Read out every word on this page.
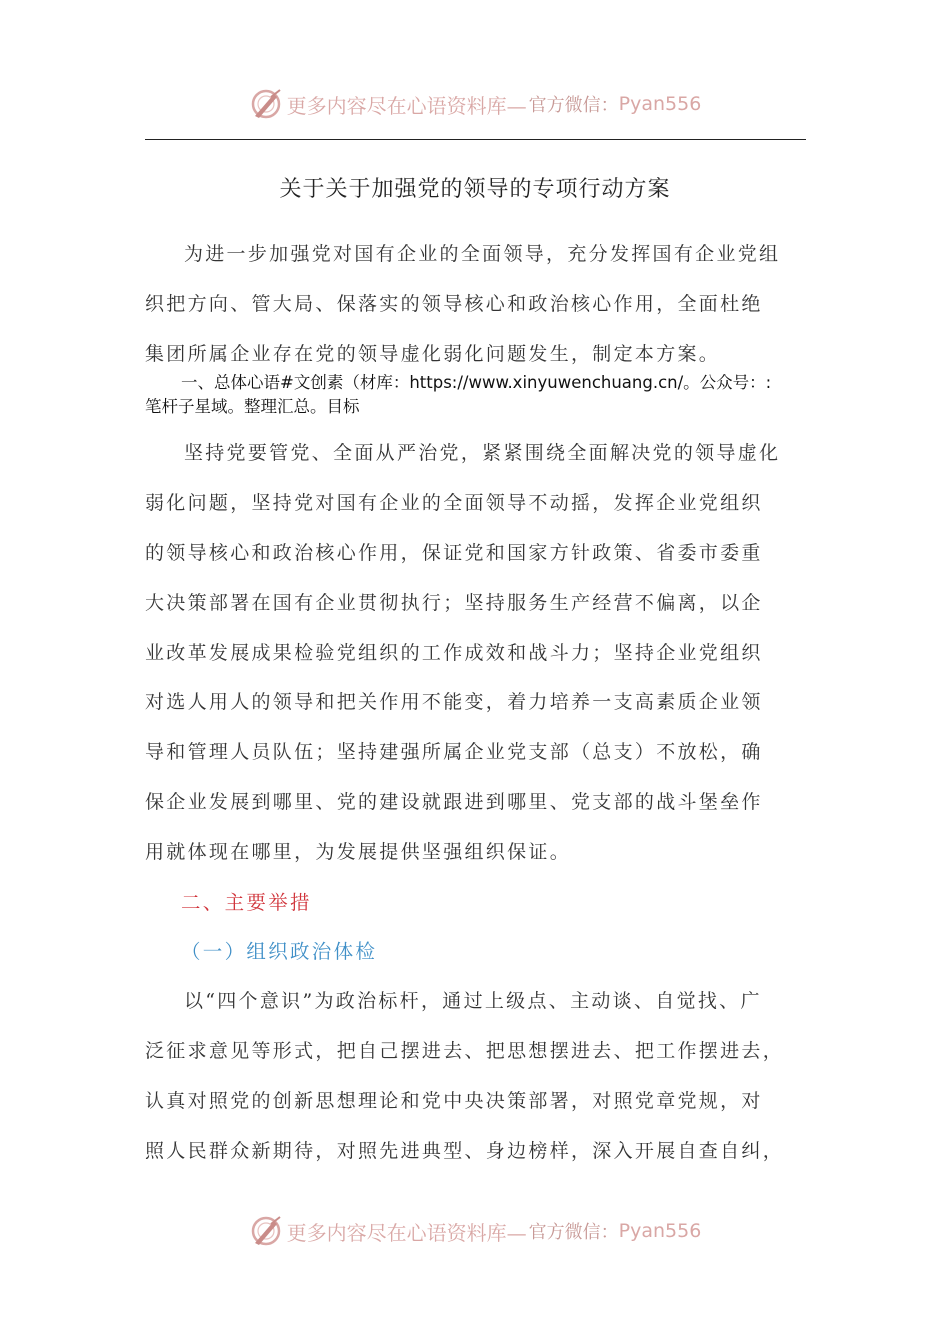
更多内容尽在心语资料库— 官方微信： Pyan556
关于关于加强党的领导的专项行动方案

为进一步加强党对国有企业的全面领导，充分发挥国有企业党组
织把方向、管大局、保落实的领导核心和政治核心作用，全面杜绝
集团所属企业存在党的领导虚化弱化问题发生，制定本方案。

一、总体心语#文创素（材库：https://www.xinyuwenchuang.cn/。公众号：:
笔杆子星域。整理汇总。目标

坚持党要管党、全面从严治党，紧紧围绕全面解决党的领导虚化
弱化问题，坚持党对国有企业的全面领导不动摇，发挥企业党组织
的领导核心和政治核心作用，保证党和国家方针政策、省委市委重
大决策部署在国有企业贯彻执行；坚持服务生产经营不偏离，以企
业改革发展成果检验党组织的工作成效和战斗力；坚持企业党组织
对选人用人的领导和把关作用不能变，着力培养一支高素质企业领
导和管理人员队伍；坚持建强所属企业党支部（总支）不放松，确
保企业发展到哪里、党的建设就跟进到哪里、党支部的战斗堡垒作
用就体现在哪里，为发展提供坚强组织保证。

二、主要举措
（一）组织政治体检

以“四个意识”为政治标杆，通过上级点、主动谈、自觉找、广
泛征求意见等形式，把自己摆进去、把思想摆进去、把工作摆进去，
认真对照党的创新思想理论和党中央决策部署，对照党章党规，对
照人民群众新期待，对照先进典型、身边榜样，深入开展自查自纠，

更多内容尽在心语资料库— 官方微信： Pyan556
